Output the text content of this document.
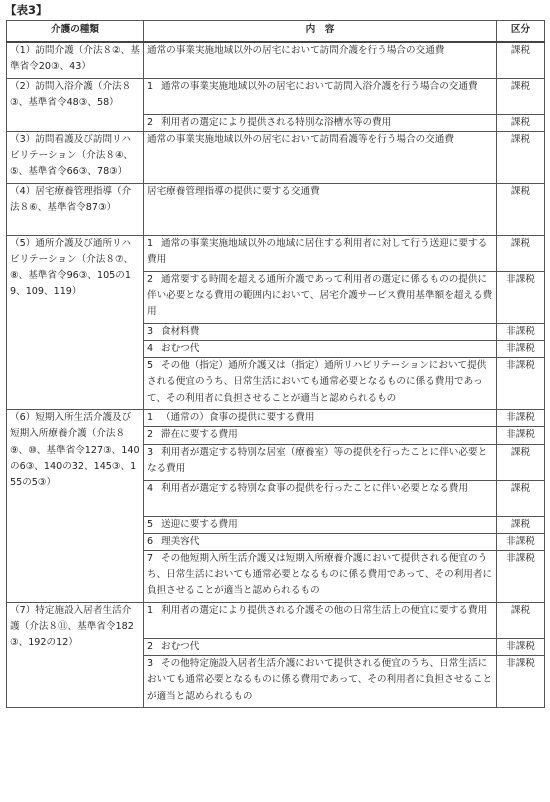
【表3】
介護の種類	内　容	区分
（1）訪問介護（介法８②、基準省令20③、43）	通常の事業実施地域以外の居宅において訪問介護を行う場合の交通費	課税
（2）訪問入浴介護（介法８③、基準省令48③、58）	1 通常の事業実施地域以外の居宅において訪問入浴介護を行う場合の交通費	課税
	2 利用者の選定により提供される特別な浴槽水等の費用	課税
（3）訪問看護及び訪問リハビリテーション（介法８④、⑤、基準省令66③、78③）	通常の事業実施地域以外の居宅において訪問看護等を行う場合の交通費	課税
（4）居宅療養管理指導（介法８⑥、基準省令87③）	居宅療養管理指導の提供に要する交通費	課税
（5）通所介護及び通所リハビリテーション（介法８⑦、⑧、基準省令96③、105の19、109、119）	1 通常の事業実施地域以外の地域に居住する利用者に対して行う送迎に要する費用	課税
	2 通常要する時間を超える通所介護であって利用者の選定に係るものの提供に伴い必要となる費用の範囲内において、居宅介護サービス費用基準額を超える費用	非課税
	3 食材料費	非課税
	4 おむつ代	非課税
	5 その他（指定）通所介護又は（指定）通所リハビリテーションにおいて提供される便宜のうち、日常生活においても通常必要となるものに係る費用であって、その利用者に負担させることが適当と認められるもの	非課税
（6）短期入所生活介護及び短期入所療養介護（介法８⑨、⑩、基準省令127③、140の6③、140の32、145③、155の5③）	1 （通常の）食事の提供に要する費用	非課税
	2 滞在に要する費用	非課税
	3 利用者が選定する特別な居室（療養室）等の提供を行ったことに伴い必要となる費用	課税
	4 利用者が選定する特別な食事の提供を行ったことに伴い必要となる費用	課税
	5 送迎に要する費用	課税
	6 理美容代	非課税
	7 その他短期入所生活介護又は短期入所療養介護において提供される便宜のうち、日常生活においても通常必要となるものに係る費用であって、その利用者に負担させることが適当と認められるもの	非課税
（7）特定施設入居者生活介護（介法８⑪、基準省令182③、192の12）	1 利用者の選定により提供される介護その他の日常生活上の便宜に要する費用	課税
	2 おむつ代	非課税
	3 その他特定施設入居者生活介護において提供される便宜のうち、日常生活においても通常必要となるものに係る費用であって、その利用者に負担させることが適当と認められるもの	非課税
